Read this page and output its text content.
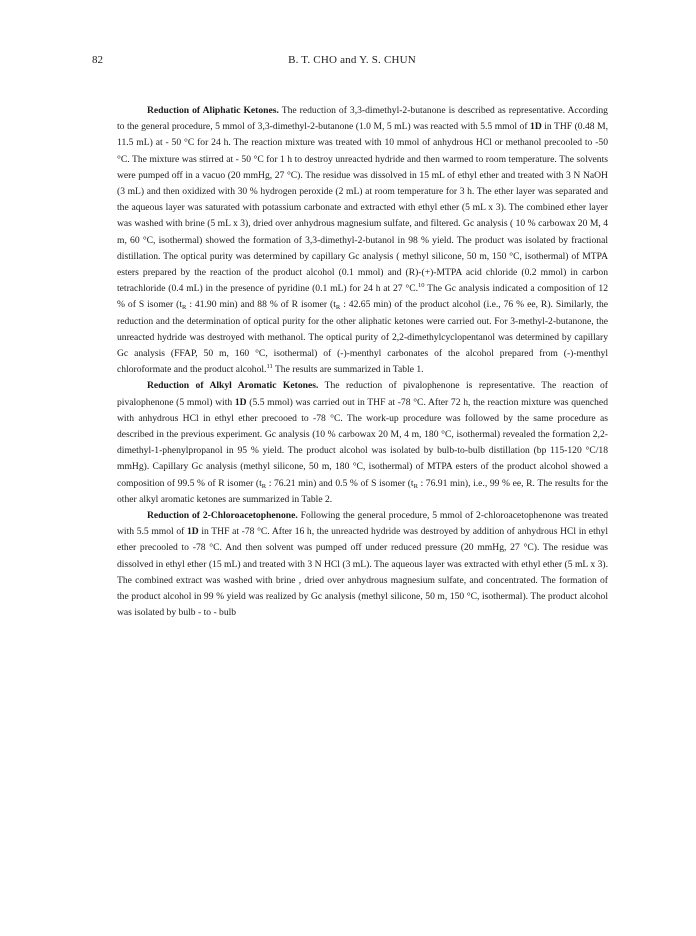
82	B. T. CHO and Y. S. CHUN

Reduction of Aliphatic Ketones. The reduction of 3,3-dimethyl-2-butanone is described as representative. According to the general procedure, 5 mmol of 3,3-dimethyl-2-butanone (1.0 M, 5 mL) was reacted with 5.5 mmol of 1D in THF (0.48 M, 11.5 mL) at - 50 °C for 24 h. The reaction mixture was treated with 10 mmol of anhydrous HCl or methanol precooled to -50 °C. The mixture was stirred at - 50 °C for 1 h to destroy unreacted hydride and then warmed to room temperature. The solvents were pumped off in a vacuo (20 mmHg, 27 °C). The residue was dissolved in 15 mL of ethyl ether and treated with 3 N NaOH (3 mL) and then oxidized with 30 % hydrogen peroxide (2 mL) at room temperature for 3 h. The ether layer was separated and the aqueous layer was saturated with potassium carbonate and extracted with ethyl ether (5 mL x 3). The combined ether layer was washed with brine (5 mL x 3), dried over anhydrous magnesium sulfate, and filtered. Gc analysis ( 10 % carbowax 20 M, 4 m, 60 °C, isothermal) showed the formation of 3,3-dimethyl-2-butanol in 98 % yield. The product was isolated by fractional distillation. The optical purity was determined by capillary Gc analysis ( methyl silicone, 50 m, 150 °C, isothermal) of MTPA esters prepared by the reaction of the product alcohol (0.1 mmol) and (R)-(+)-MTPA acid chloride (0.2 mmol) in carbon tetrachloride (0.4 mL) in the presence of pyridine (0.1 mL) for 24 h at 27 °C.$^{10}$ The Gc analysis indicated a composition of 12 % of S isomer ($t_R$ : 41.90 min) and 88 % of R isomer ($t_R$ : 42.65 min) of the product alcohol (i.e., 76 % ee, R). Similarly, the reduction and the determination of optical purity for the other aliphatic ketones were carried out. For 3-methyl-2-butanone, the unreacted hydride was destroyed with methanol. The optical purity of 2,2-dimethylcyclopentanol was determined by capillary Gc analysis (FFAP, 50 m, 160 °C, isothermal) of (-)-menthyl carbonates of the alcohol prepared from (-)-menthyl chloroformate and the product alcohol.$^{11}$ The results are summarized in Table 1.

Reduction of Alkyl Aromatic Ketones. The reduction of pivalophenone is representative. The reaction of pivalophenone (5 mmol) with 1D (5.5 mmol) was carried out in THF at -78 °C. After 72 h, the reaction mixture was quenched with anhydrous HCl in ethyl ether precooed to -78 °C. The work-up procedure was followed by the same procedure as described in the previous experiment. Gc analysis (10 % carbowax 20 M, 4 m, 180 °C, isothermal) revealed the formation 2,2-dimethyl-1-phenylpropanol in 95 % yield. The product alcohol was isolated by bulb-to-bulb distillation (bp 115-120 °C/18 mmHg). Capillary Gc analysis (methyl silicone, 50 m, 180 °C, isothermal) of MTPA esters of the product alcohol showed a composition of 99.5 % of R isomer ($t_R$ : 76.21 min) and 0.5 % of S isomer ($t_R$ : 76.91 min), i.e., 99 % ee, R. The results for the other alkyl aromatic ketones are summarized in Table 2.

Reduction of 2-Chloroacetophenone. Following the general procedure, 5 mmol of 2-chloroacetophenone was treated with 5.5 mmol of 1D in THF at -78 °C. After 16 h, the unreacted hydride was destroyed by addition of anhydrous HCl in ethyl ether precooled to -78 °C. And then solvent was pumped off under reduced pressure (20 mmHg, 27 °C). The residue was dissolved in ethyl ether (15 mL) and treated with 3 N HCl (3 mL). The aqueous layer was extracted with ethyl ether (5 mL x 3). The combined extract was washed with brine , dried over anhydrous magnesium sulfate, and concentrated. The formation of the product alcohol in 99 % yield was realized by Gc analysis (methyl silicone, 50 m, 150 °C, isothermal). The product alcohol was isolated by bulb - to - bulb
